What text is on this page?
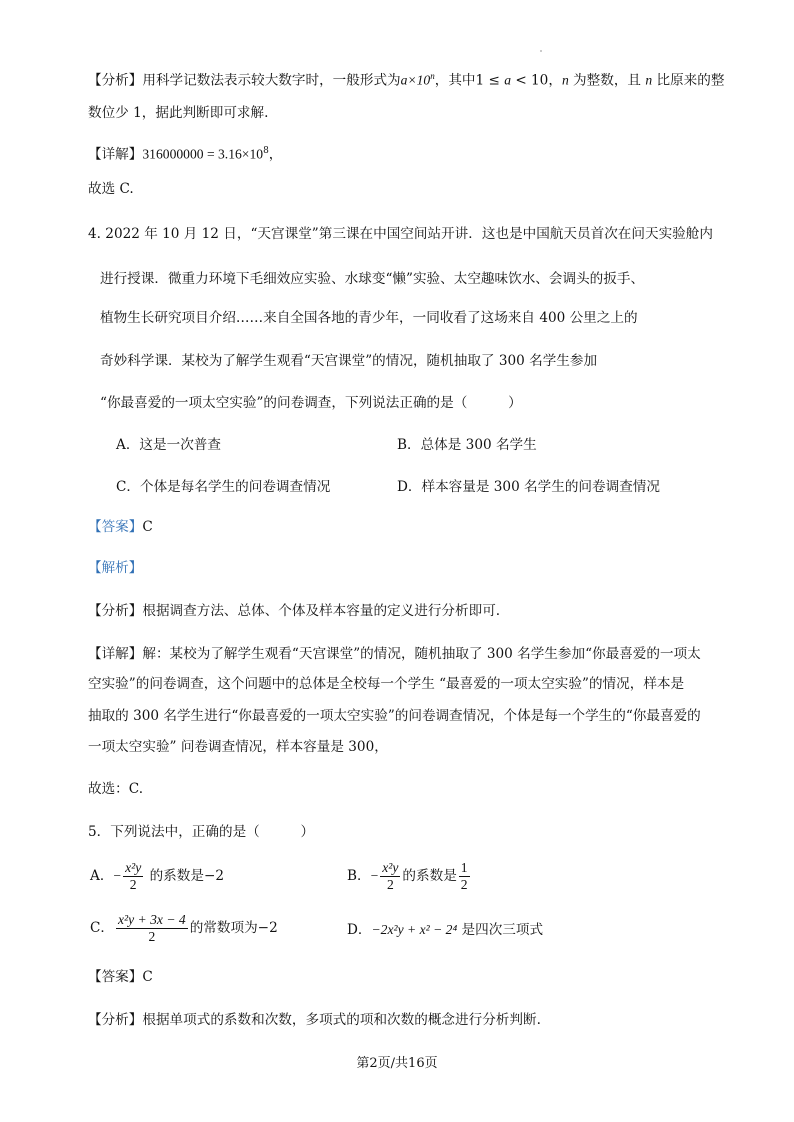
【分析】用科学记数法表示较大数字时，一般形式为$a\times 10^n$，其中1 ≤ a < 10，n 为整数，且 n 比原来的整
数位少 1，据此判断即可求解.
【详解】$316000000 = 3.16\times 10^8$，
故选 C.
4. 2022 年 10 月 12 日，“天宫课堂”第三课在中国空间站开讲．这也是中国航天员首次在问天实验舱内
进行授课．微重力环境下毛细效应实验、水球变“懒”实验、太空趣味饮水、会调头的扳手、
植物生长研究项目介绍……来自全国各地的青少年，一同收看了这场来自 400 公里之上的
奇妙科学课．某校为了解学生观看“天宫课堂”的情况，随机抽取了 300 名学生参加
“你最喜爱的一项太空实验”的问卷调查，下列说法正确的是（　　　）
A．这是一次普查	B．总体是 300 名学生
C．个体是每名学生的问卷调查情况	D．样本容量是 300 名学生的问卷调查情况
【答案】C
【解析】
【分析】根据调查方法、总体、个体及样本容量的定义进行分析即可.
【详解】解：某校为了解学生观看“天宫课堂”的情况，随机抽取了 300 名学生参加“你最喜爱的一项太
空实验”的问卷调查，这个问题中的总体是全校每一个学生 “最喜爱的一项太空实验”的情况，样本是
抽取的 300 名学生进行“你最喜爱的一项太空实验”的问卷调查情况，个体是每一个学生的“你最喜爱的
一项太空实验” 问卷调查情况，样本容量是 300，
故选：C.
5．下列说法中，正确的是（　　　）
A．− $\frac{\text{x²y}}{2}$ 的系数是−2	B．− $\frac{\text{x²y}}{2}$ 的系数是 $\frac{1}{2}$
C． $\frac{\text{x²y + 3x − 4}}{2}$ 的常数项为−2	D．−2x²y + x² − 2⁴ 是四次三项式
【答案】C
【分析】根据单项式的系数和次数，多项式的项和次数的概念进行分析判断.
第2页/共16页
